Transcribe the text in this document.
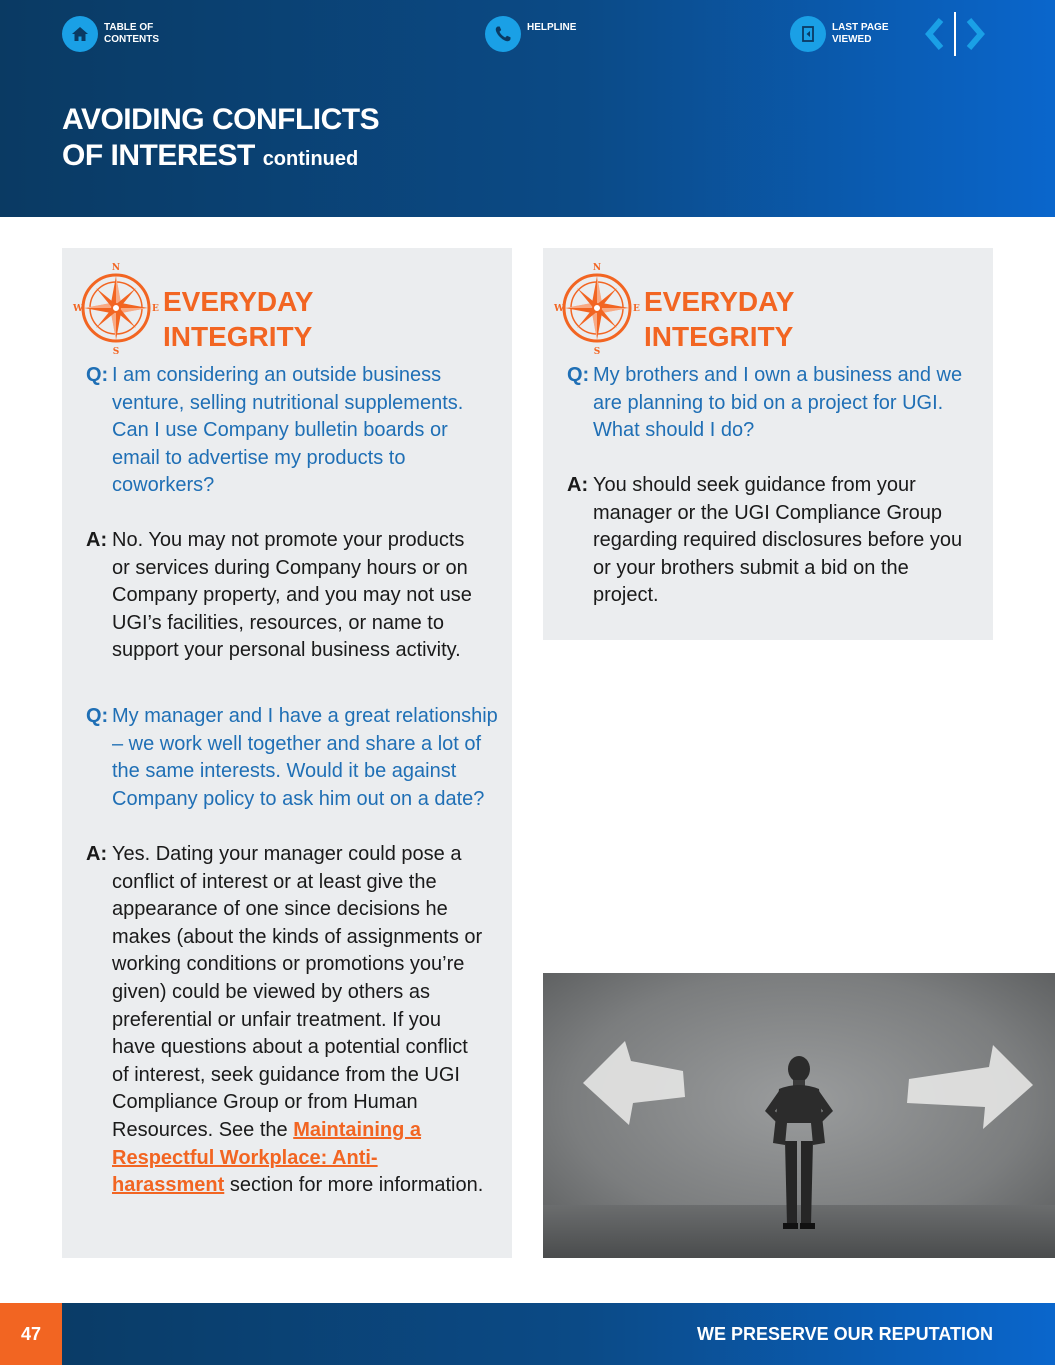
TABLE OF CONTENTS
HELPLINE	LAST PAGE VIEWED
AVOIDING CONFLICTS
OF INTEREST continued
N
S
W	E EVERYDAY
INTEGRITY
Q: I am considering an outside business venture, selling nutritional supplements. Can I use Company bulletin boards or email to advertise my products to coworkers?
A: No. You may not promote your products or services during Company hours or on Company property, and you may not use UGI’s facilities, resources, or name to support your personal business activity.
Q: My manager and I have a great relationship – we work well together and share a lot of the same interests. Would it be against Company policy to ask him out on a date?
A: Yes. Dating your manager could pose a conflict of interest or at least give the appearance of one since decisions he makes (about the kinds of assignments or working conditions or promotions you’re given) could be viewed by others as preferential or unfair treatment. If you have questions about a potential conflict of interest, seek guidance from the UGI Compliance Group or from Human Resources. See the Maintaining a Respectful Workplace: Anti-harassment section for more information.
N
S
W	E EVERYDAY
INTEGRITY
Q: My brothers and I own a business and we are planning to bid on a project for UGI. What should I do?
A: You should seek guidance from your manager or the UGI Compliance Group regarding required disclosures before you or your brothers submit a bid on the project.
47	WE PRESERVE OUR REPUTATION
